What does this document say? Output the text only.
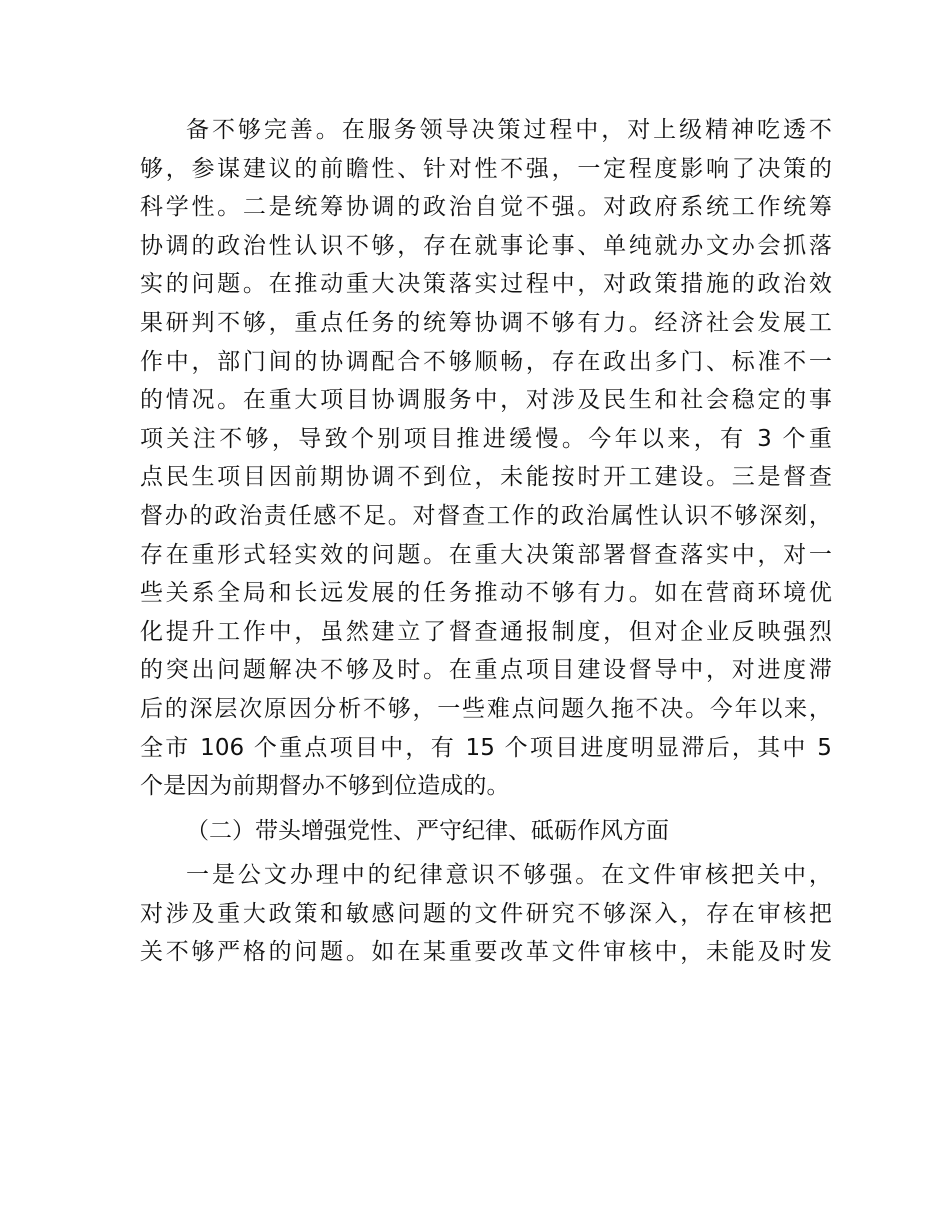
备不够完善。在服务领导决策过程中，对上级精神吃透不
够，参谋建议的前瞻性、针对性不强，一定程度影响了决策的
科学性。二是统筹协调的政治自觉不强。对政府系统工作统筹
协调的政治性认识不够，存在就事论事、单纯就办文办会抓落
实的问题。在推动重大决策落实过程中，对政策措施的政治效
果研判不够，重点任务的统筹协调不够有力。经济社会发展工
作中，部门间的协调配合不够顺畅，存在政出多门、标准不一
的情况。在重大项目协调服务中，对涉及民生和社会稳定的事
项关注不够，导致个别项目推进缓慢。今年以来，有 3 个重
点民生项目因前期协调不到位，未能按时开工建设。三是督查
督办的政治责任感不足。对督查工作的政治属性认识不够深刻，
存在重形式轻实效的问题。在重大决策部署督查落实中，对一
些关系全局和长远发展的任务推动不够有力。如在营商环境优
化提升工作中，虽然建立了督查通报制度，但对企业反映强烈
的突出问题解决不够及时。在重点项目建设督导中，对进度滞
后的深层次原因分析不够，一些难点问题久拖不决。今年以来，
全市 106 个重点项目中，有 15 个项目进度明显滞后，其中 5
个是因为前期督办不够到位造成的。

（二）带头增强党性、严守纪律、砥砺作风方面

一是公文办理中的纪律意识不够强。在文件审核把关中，
对涉及重大政策和敏感问题的文件研究不够深入，存在审核把
关不够严格的问题。如在某重要改革文件审核中，未能及时发
